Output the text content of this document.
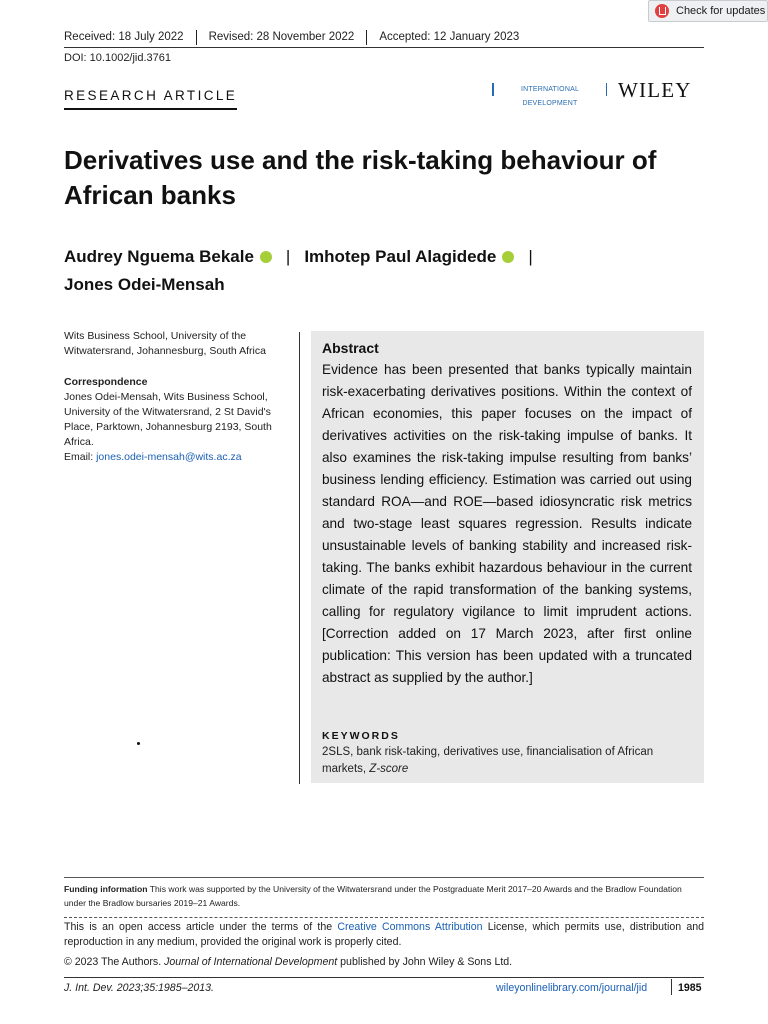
Received: 18 July 2022	Revised: 28 November 2022	Accepted: 12 January 2023
Check for updates
DOI: 10.1002/jid.3761
RESEARCH ARTICLE	INTERNATIONAL DEVELOPMENT
WILEY
Derivatives use and the risk-taking behaviour of African banks
Audrey Nguema Bekale | Imhotep Paul Alagidede |
Jones Odei-Mensah
Wits Business School, University of the Witwatersrand, Johannesburg, South Africa
Correspondence
Jones Odei-Mensah, Wits Business School, University of the Witwatersrand, 2 St David's Place, Parktown, Johannesburg 2193, South Africa.
Email: jones.odei-mensah@wits.ac.za
Abstract
Evidence has been presented that banks typically maintain risk-exacerbating derivatives positions. Within the context of African economies, this paper focuses on the impact of derivatives activities on the risk-taking impulse of banks. It also examines the risk-taking impulse resulting from banks’ business lending efficiency. Estimation was carried out using standard ROA—and ROE—based idiosyncratic risk metrics and two-stage least squares regression. Results indicate unsustainable levels of banking stability and increased risk-taking. The banks exhibit hazardous behaviour in the current climate of the rapid transformation of the banking systems, calling for regulatory vigilance to limit imprudent actions. [Correction added on 17 March 2023, after first online publication: This version has been updated with a truncated abstract as supplied by the author.]
KEYWORDS
2SLS, bank risk-taking, derivatives use, financialisation of African markets, Z-score
Funding information This work was supported by the University of the Witwatersrand under the Postgraduate Merit 2017–20 Awards and the Bradlow Foundation under the Bradlow bursaries 2019–21 Awards.
This is an open access article under the terms of the Creative Commons Attribution License, which permits use, distribution and reproduction in any medium, provided the original work is properly cited.
© 2023 The Authors. Journal of International Development published by John Wiley & Sons Ltd.
J. Int. Dev. 2023;35:1985–2013.	wileyonlinelibrary.com/journal/jid	1985
